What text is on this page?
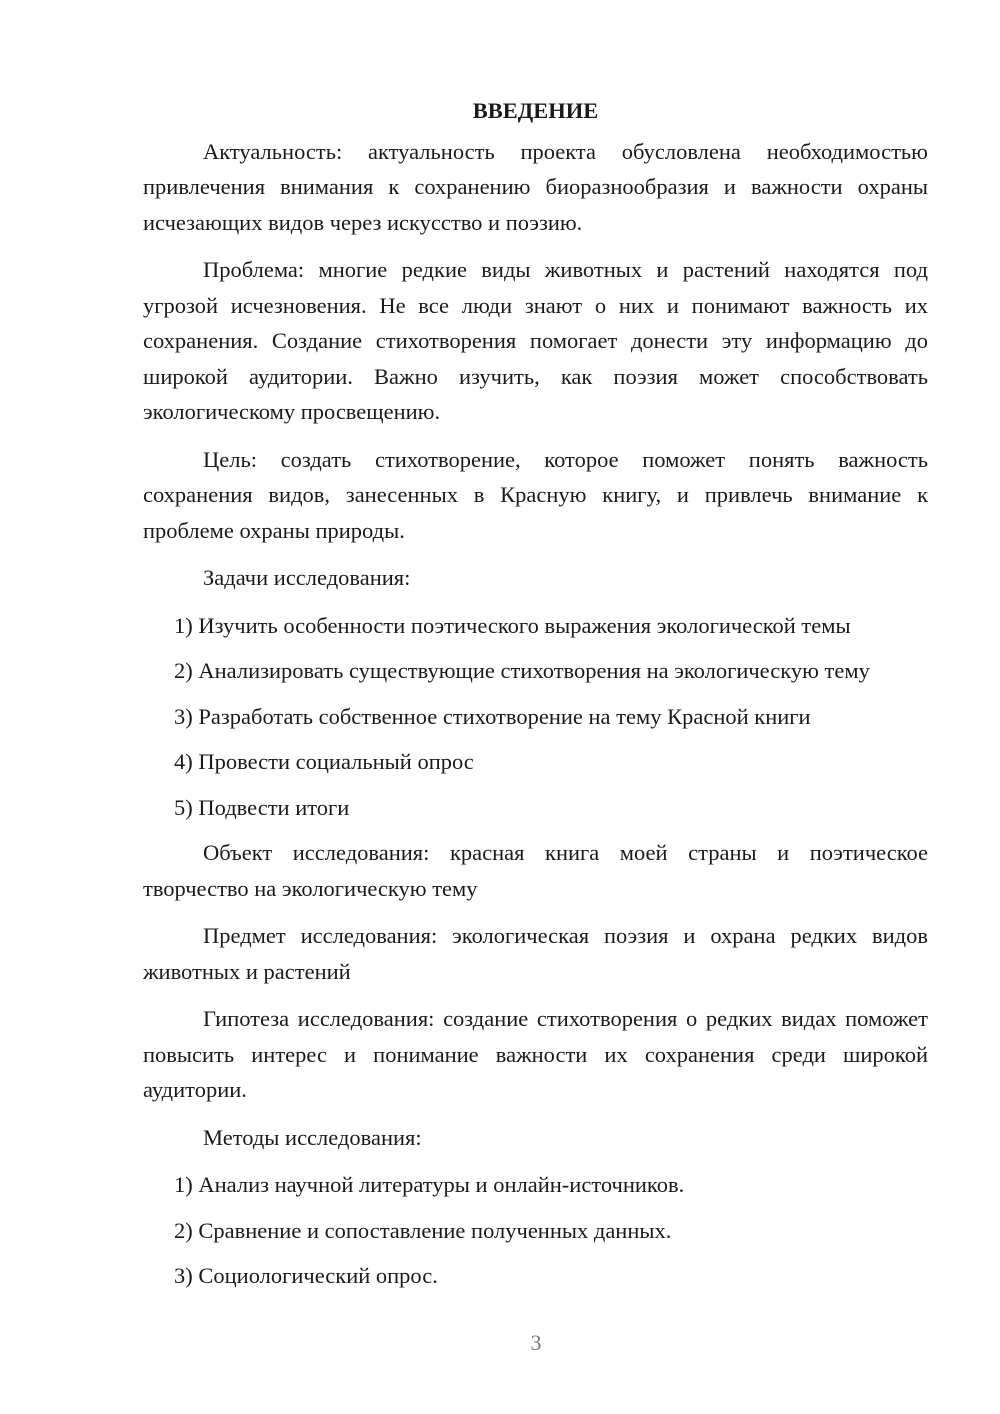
ВВЕДЕНИЕ

Актуальность: актуальность проекта обусловлена необходимостью привлечения внимания к сохранению биоразнообразия и важности охраны исчезающих видов через искусство и поэзию.

Проблема: многие редкие виды животных и растений находятся под угрозой исчезновения. Не все люди знают о них и понимают важность их сохранения. Создание стихотворения помогает донести эту информацию до широкой аудитории. Важно изучить, как поэзия может способствовать экологическому просвещению.

Цель: создать стихотворение, которое поможет понять важность сохранения видов, занесенных в Красную книгу, и привлечь внимание к проблеме охраны природы.

Задачи исследования:

1) Изучить особенности поэтического выражения экологической темы

2) Анализировать существующие стихотворения на экологическую тему

3) Разработать собственное стихотворение на тему Красной книги

4) Провести социальный опрос

5) Подвести итоги

Объект исследования: красная книга моей страны и поэтическое творчество на экологическую тему

Предмет исследования: экологическая поэзия и охрана редких видов животных и растений

Гипотеза исследования: создание стихотворения о редких видах поможет повысить интерес и понимание важности их сохранения среди широкой аудитории.

Методы исследования:

1) Анализ научной литературы и онлайн-источников.

2) Сравнение и сопоставление полученных данных.

3) Социологический опрос.

3
